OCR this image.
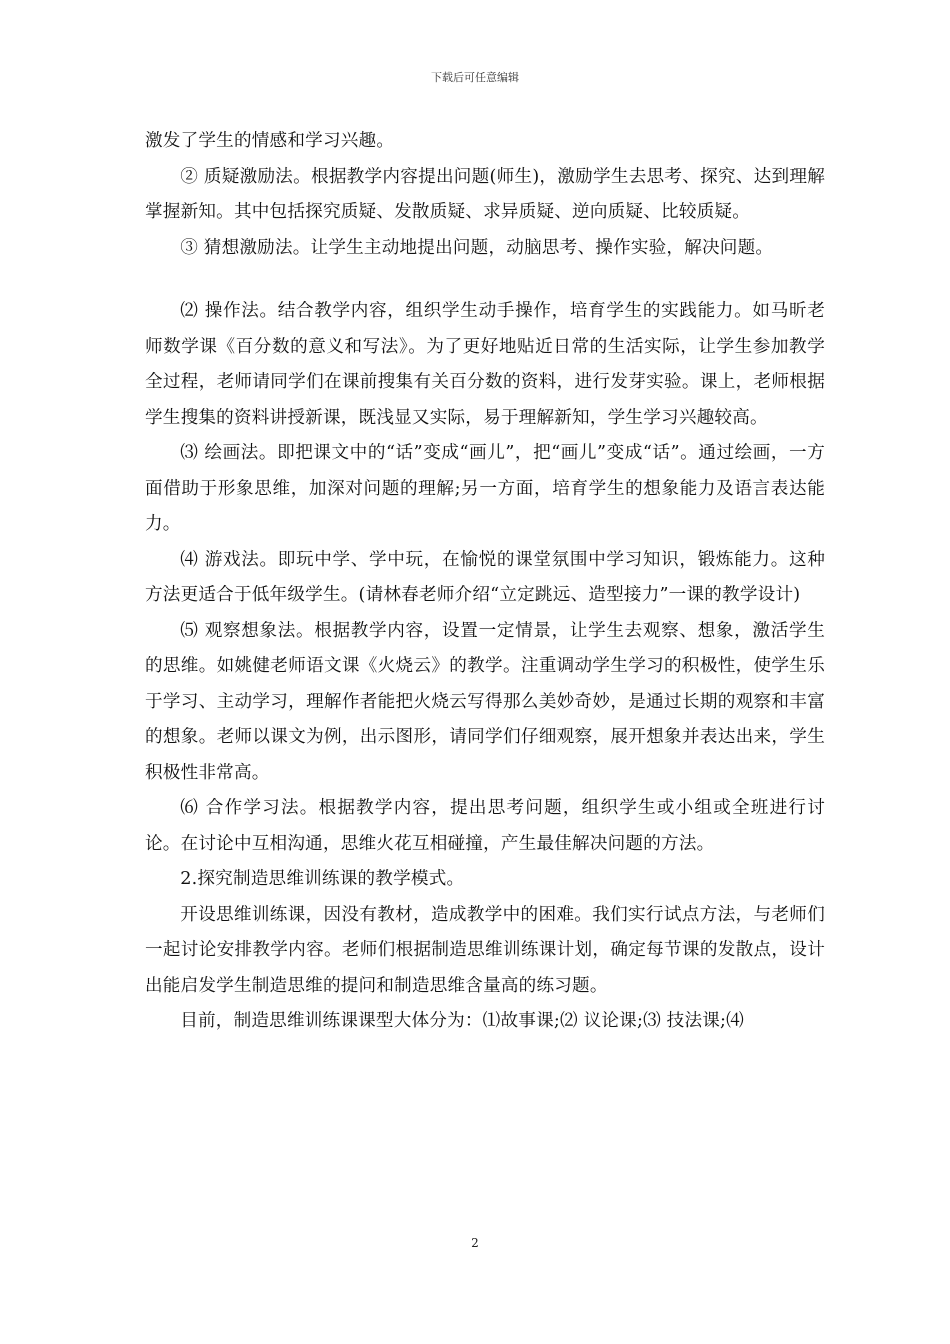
下载后可任意编辑

激发了学生的情感和学习兴趣。

② 质疑激励法。根据教学内容提出问题(师生)，激励学生去思考、探究、达到理解掌握新知。其中包括探究质疑、发散质疑、求异质疑、逆向质疑、比较质疑。

③ 猜想激励法。让学生主动地提出问题，动脑思考、操作实验，解决问题。

⑵ 操作法。结合教学内容，组织学生动手操作，培育学生的实践能力。如马昕老师数学课《百分数的意义和写法》。为了更好地贴近日常的生活实际，让学生参加教学全过程，老师请同学们在课前搜集有关百分数的资料，进行发芽实验。课上，老师根据学生搜集的资料讲授新课，既浅显又实际，易于理解新知，学生学习兴趣较高。

⑶ 绘画法。即把课文中的“话”变成“画儿”，把“画儿”变成“话”。通过绘画，一方面借助于形象思维，加深对问题的理解;另一方面，培育学生的想象能力及语言表达能力。

⑷ 游戏法。即玩中学、学中玩，在愉悦的课堂氛围中学习知识，锻炼能力。这种方法更适合于低年级学生。(请林春老师介绍“立定跳远、造型接力”一课的教学设计)

⑸ 观察想象法。根据教学内容，设置一定情景，让学生去观察、想象，激活学生的思维。如姚健老师语文课《火烧云》的教学。注重调动学生学习的积极性，使学生乐于学习、主动学习，理解作者能把火烧云写得那么美妙奇妙，是通过长期的观察和丰富的想象。老师以课文为例，出示图形，请同学们仔细观察，展开想象并表达出来，学生积极性非常高。

⑹ 合作学习法。根据教学内容，提出思考问题，组织学生或小组或全班进行讨论。在讨论中互相沟通，思维火花互相碰撞，产生最佳解决问题的方法。

2.探究制造思维训练课的教学模式。

开设思维训练课，因没有教材，造成教学中的困难。我们实行试点方法，与老师们一起讨论安排教学内容。老师们根据制造思维训练课计划，确定每节课的发散点，设计出能启发学生制造思维的提问和制造思维含量高的练习题。

目前，制造思维训练课课型大体分为：⑴故事课;⑵ 议论课;⑶ 技法课;⑷

2
